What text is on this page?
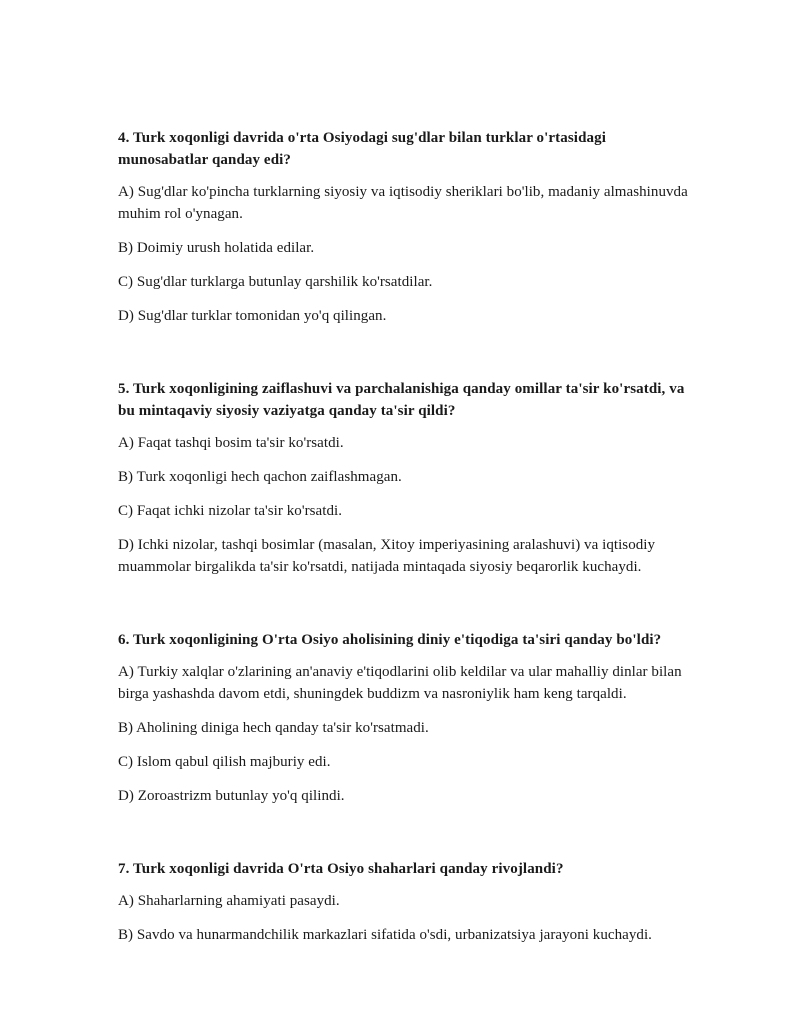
4. Turk xoqonligi davrida o'rta Osiyodagi sug'dlar bilan turklar o'rtasidagi munosabatlar qanday edi?
A) Sug'dlar ko'pincha turklarning siyosiy va iqtisodiy sheriklari bo'lib, madaniy almashinuvda muhim rol o'ynagan.
B) Doimiy urush holatida edilar.
C) Sug'dlar turklarga butunlay qarshilik ko'rsatdilar.
D) Sug'dlar turklar tomonidan yo'q qilingan.
5. Turk xoqonligining zaiflashuvi va parchalanishiga qanday omillar ta'sir ko'rsatdi, va bu mintaqaviy siyosiy vaziyatga qanday ta'sir qildi?
A) Faqat tashqi bosim ta'sir ko'rsatdi.
B) Turk xoqonligi hech qachon zaiflashmagan.
C) Faqat ichki nizolar ta'sir ko'rsatdi.
D) Ichki nizolar, tashqi bosimlar (masalan, Xitoy imperiyasining aralashuvi) va iqtisodiy muammolar birgalikda ta'sir ko'rsatdi, natijada mintaqada siyosiy beqarorlik kuchaydi.
6. Turk xoqonligining O'rta Osiyo aholisining diniy e'tiqodiga ta'siri qanday bo'ldi?
A) Turkiy xalqlar o'zlarining an'anaviy e'tiqodlarini olib keldilar va ular mahalliy dinlar bilan birga yashashda davom etdi, shuningdek buddizm va nasroniylik ham keng tarqaldi.
B) Aholining diniga hech qanday ta'sir ko'rsatmadi.
C) Islom qabul qilish majburiy edi.
D) Zoroastrizm butunlay yo'q qilindi.
7. Turk xoqonligi davrida O'rta Osiyo shaharlari qanday rivojlandi?
A) Shaharlarning ahamiyati pasaydi.
B) Savdo va hunarmandchilik markazlari sifatida o'sdi, urbanizatsiya jarayoni kuchaydi.
